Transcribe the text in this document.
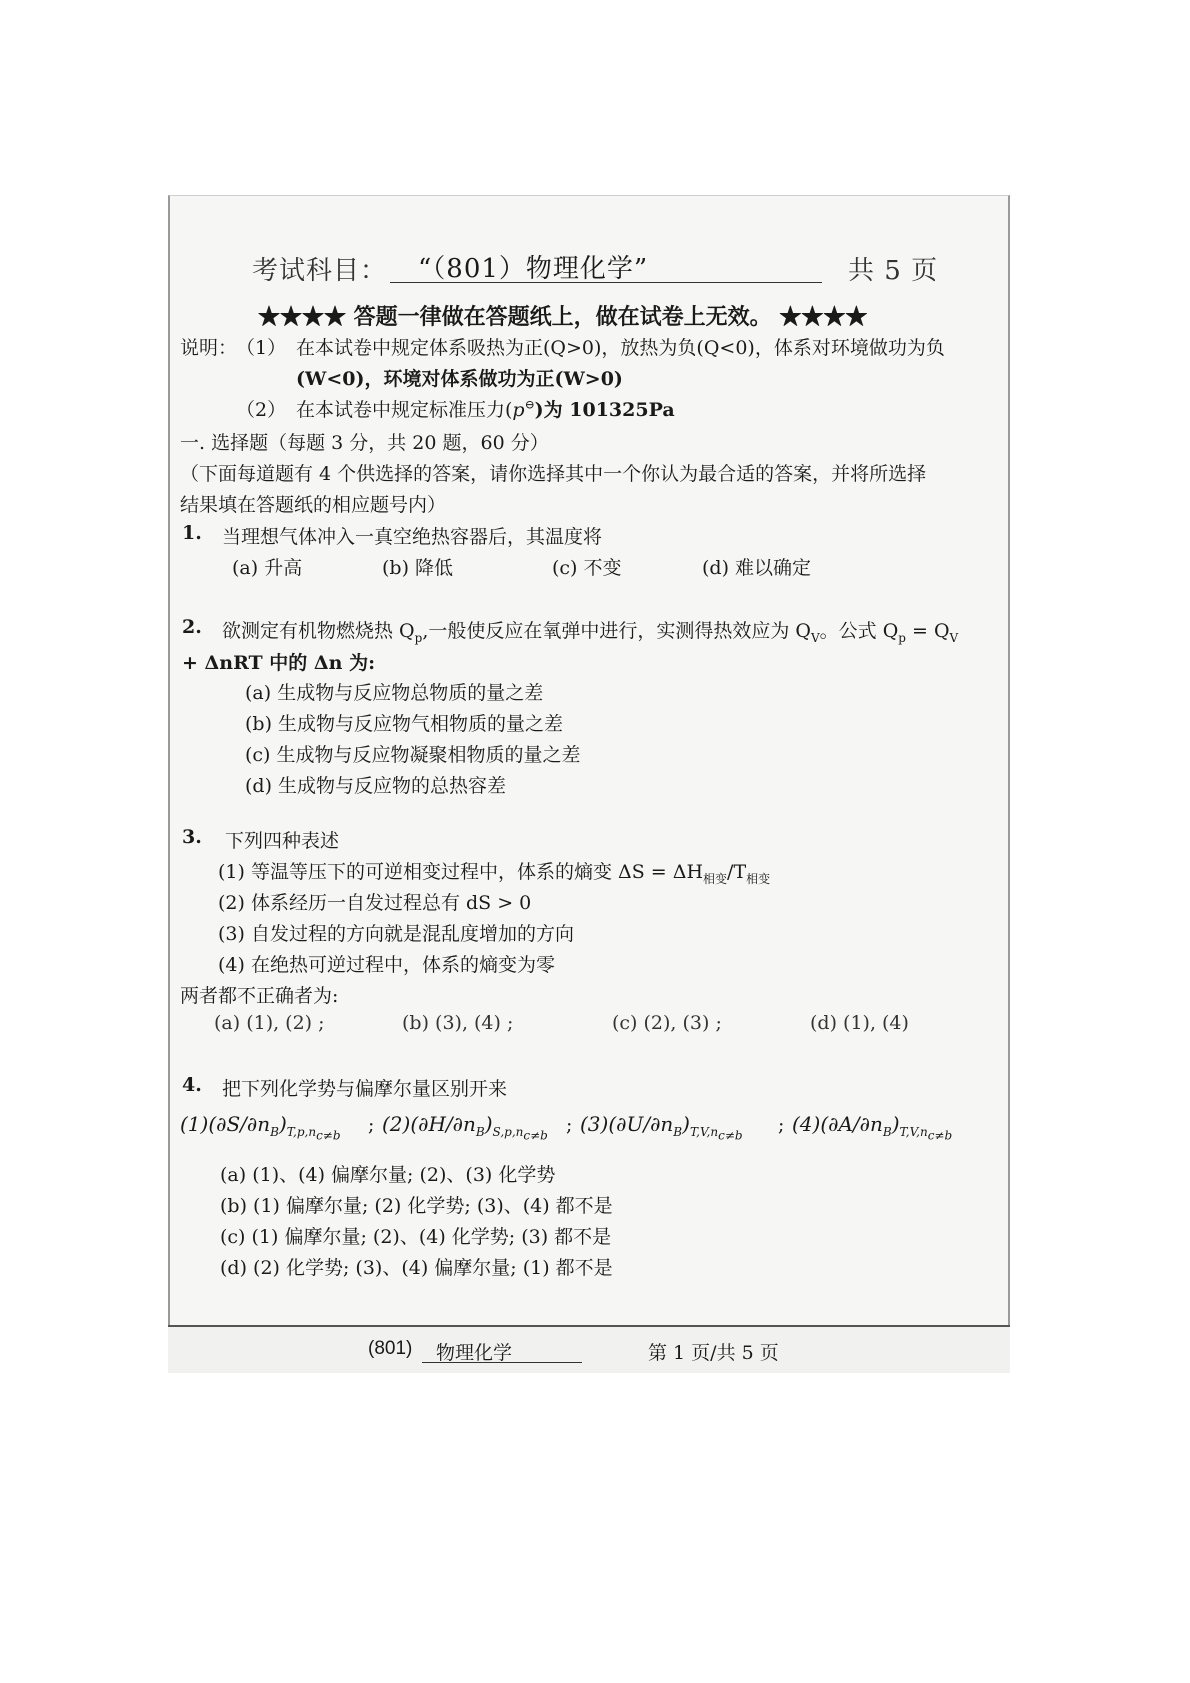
考试科目： “（801）物理化学”	共 5 页
★★★★ 答题一律做在答题纸上，做在试卷上无效。 ★★★★
说明：
（1） 在本试卷中规定体系吸热为正(Q>0)，放热为负(Q<0)，体系对环境做功为负
(W<0)，环境对体系做功为正(W>0)
（2） 在本试卷中规定标准压力(p⊖)为 101325Pa
一. 选择题（每题 3 分，共 20 题，60 分）
（下面每道题有 4 个供选择的答案，请你选择其中一个你认为最合适的答案，并将所选择
结果填在答题纸的相应题号内）
1. 当理想气体冲入一真空绝热容器后，其温度将
(a) 升高	(b) 降低	(c) 不变	(d) 难以确定
2. 欲测定有机物燃烧热 $Q_p$,一般使反应在氧弹中进行，实测得热效应为 $Q_V$。公式 $Q_p = Q_V$
+ ΔnRT 中的 Δn 为:
(a) 生成物与反应物总物质的量之差
(b) 生成物与反应物气相物质的量之差
(c) 生成物与反应物凝聚相物质的量之差
(d) 生成物与反应物的总热容差
3. 下列四种表述
(1) 等温等压下的可逆相变过程中，体系的熵变 $\Delta S = \Delta H_{相变}/T_{相变}$
(2) 体系经历一自发过程总有 dS > 0
(3) 自发过程的方向就是混乱度增加的方向
(4) 在绝热可逆过程中，体系的熵变为零
两者都不正确者为:
(a) (1), (2) ;	(b) (3), (4) ;	(c) (2), (3) ;	(d) (1), (4)
4. 把下列化学势与偏摩尔量区别开来
$(1)(\partial S/\partial n_B)_{T,p,n_{c\ne b}}$ ; $(2)(\partial H/\partial n_B)_{S,p,n_{c\ne b}}$ ; $(3)(\partial U/\partial n_B)_{T,V,n_{c\ne b}}$ ; $(4)(\partial A/\partial n_B)_{T,V,n_{c\ne b}}$
(a) (1)、(4) 偏摩尔量; (2)、(3) 化学势
(b) (1) 偏摩尔量; (2) 化学势; (3)、(4) 都不是
(c) (1) 偏摩尔量; (2)、(4) 化学势; (3) 都不是
(d) (2) 化学势; (3)、(4) 偏摩尔量; (1) 都不是
(801) 物理化学	第 1 页/共 5 页
